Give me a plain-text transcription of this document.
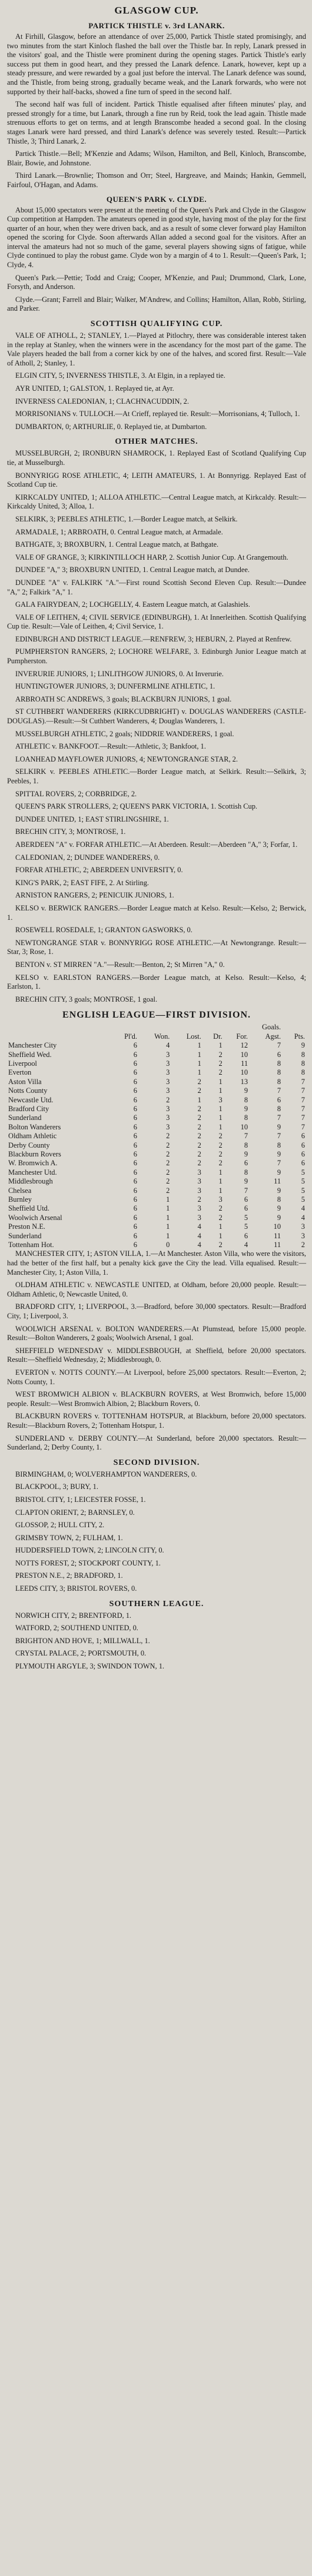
GLASGOW CUP.
PARTICK THISTLE v. 3rd LANARK.

At Firhill, Glasgow, before an attendance of over 25,000, Partick Thistle stated promisingly, and two minutes from the start Kinloch flashed the ball over the Thistle bar. In reply, Lanark pressed in the visitors' goal, and the Thistle were prominent during the opening stages. Partick Thistle's early success put them in good heart, and they pressed the Lanark defence. Lanark, however, kept up a steady pressure, and were rewarded by a goal just before the interval. The Lanark defence was sound, and the Thistle, from being strong, gradually became weak, and the Lanark forwards, who were not supported by their half-backs, showed a fine turn of speed in the second half.

The second half was full of incident. Partick Thistle equalised after fifteen minutes' play, and pressed strongly for a time, but Lanark, through a fine run by Reid, took the lead again. Thistle made strenuous efforts to get on terms, and at length Branscombe headed a second goal. In the closing stages Lanark were hard pressed, and third Lanark's defence was severely tested. Result:—Partick Thistle, 3; Third Lanark, 2.

Partick Thistle.—Bell; M'Kenzie and Adams; Wilson, Hamilton, and Bell, Kinloch, Branscombe, Blair, Bowie, and Johnstone.

Third Lanark.—Brownlie; Thomson and Orr; Steel, Hargreave, and Mainds; Hankin, Gemmell, Fairfoul, O'Hagan, and Adams.

QUEEN'S PARK v. CLYDE.

About 15,000 spectators were present at the meeting of the Queen's Park and Clyde in the Glasgow Cup competition at Hampden. The amateurs opened in good style, having most of the play for the first quarter of an hour, when they were driven back, and as a result of some clever forward play Hamilton opened the scoring for Clyde. Soon afterwards Allan added a second goal for the visitors. After an interval the amateurs had not so much of the game, several players showing signs of fatigue, while Clyde continued to play the robust game. Clyde won by a margin of 4 to 1. Result:—Queen's Park, 1; Clyde, 4.

Queen's Park.—Pettie; Todd and Craig; Cooper, M'Kenzie, and Paul; Drummond, Clark, Lone, Forsyth, and Anderson.

Clyde.—Grant; Farrell and Blair; Walker, M'Andrew, and Collins; Hamilton, Allan, Robb, Stirling, and Parker.

SCOTTISH QUALIFYING CUP.

VALE OF ATHOLL, 2; STANLEY, 1.—Played at Pitlochry, there was considerable interest taken in the replay at Stanley, when the winners were in the ascendancy for the most part of the game. The Vale players headed the ball from a corner kick by one of the halves, and scored first. Result:—Vale of Atholl, 2; Stanley, 1.

ELGIN CITY, 5; INVERNESS THISTLE, 3. At Elgin, in a replayed tie.

AYR UNITED, 1; GALSTON, 1. Replayed tie, at Ayr.

INVERNESS CALEDONIAN, 1; CLACHNACUDDIN, 2.

MORRISONIANS v. TULLOCH.—At Crieff, replayed tie. Result:—Morrisonians, 4; Tulloch, 1.

DUMBARTON, 0; ARTHURLIE, 0. Replayed tie, at Dumbarton.

OTHER MATCHES.

MUSSELBURGH, 2; IRONBURN SHAMROCK, 1. Replayed East of Scotland Qualifying Cup tie, at Musselburgh.

BONNYRIGG ROSE ATHLETIC, 4; LEITH AMATEURS, 1. At Bonnyrigg. Replayed East of Scotland Cup tie.

KIRKCALDY UNITED, 1; ALLOA ATHLETIC.—Central League match, at Kirkcaldy. Result:—Kirkcaldy United, 3; Alloa, 1.

SELKIRK, 3; PEEBLES ATHLETIC, 1.—Border League match, at Selkirk.

ARMADALE, 1; ARBROATH, 0. Central League match, at Armadale.

BATHGATE, 3; BROXBURN, 1. Central League match, at Bathgate.

VALE OF GRANGE, 3; KIRKINTILLOCH HARP, 2. Scottish Junior Cup. At Grangemouth.

DUNDEE "A," 3; BROXBURN UNITED, 1. Central League match, at Dundee.

DUNDEE "A" v. FALKIRK "A."—First round Scottish Second Eleven Cup. Result:—Dundee "A," 2; Falkirk "A," 1.

GALA FAIRYDEAN, 2; LOCHGELLY, 4. Eastern League match, at Galashiels.

VALE OF LEITHEN, 4; CIVIL SERVICE (EDINBURGH), 1. At Innerleithen. Scottish Qualifying Cup tie. Result:—Vale of Leithen, 4; Civil Service, 1.

EDINBURGH AND DISTRICT LEAGUE.—RENFREW, 3; HEBURN, 2. Played at Renfrew.

PUMPHERSTON RANGERS, 2; LOCHORE WELFARE, 3. Edinburgh Junior League match at Pumpherston.

INVERURIE JUNIORS, 1; LINLITHGOW JUNIORS, 0. At Inverurie.

HUNTINGTOWER JUNIORS, 3; DUNFERMLINE ATHLETIC, 1.

ARBROATH SC ANDREWS, 3 goals; BLACKBURN JUNIORS, 1 goal.

ST CUTHBERT WANDERERS (KIRKCUDBRIGHT) v. DOUGLAS WANDERERS (CASTLE-DOUGLAS).—Result:—St Cuthbert Wanderers, 4; Douglas Wanderers, 1.

MUSSELBURGH ATHLETIC, 2 goals; NIDDRIE WANDERERS, 1 goal.

ATHLETIC v. BANKFOOT.—Result:—Athletic, 3; Bankfoot, 1.

LOANHEAD MAYFLOWER JUNIORS, 4; NEWTONGRANGE STAR, 2.

SELKIRK v. PEEBLES ATHLETIC.—Border League match, at Selkirk. Result:—Selkirk, 3; Peebles, 1.

SPITTAL ROVERS, 2; CORBRIDGE, 2.

QUEEN'S PARK STROLLERS, 2; QUEEN'S PARK VICTORIA, 1. Scottish Cup.

DUNDEE UNITED, 1; EAST STIRLINGSHIRE, 1.

BRECHIN CITY, 3; MONTROSE, 1.

ABERDEEN "A" v. FORFAR ATHLETIC.—At Aberdeen. Result:—Aberdeen "A," 3; Forfar, 1.

CALEDONIAN, 2; DUNDEE WANDERERS, 0.

FORFAR ATHLETIC, 2; ABERDEEN UNIVERSITY, 0.

KING'S PARK, 2; EAST FIFE, 2. At Stirling.

ARNISTON RANGERS, 2; PENICUIK JUNIORS, 1.

KELSO v. BERWICK RANGERS.—Border League match at Kelso. Result:—Kelso, 2; Berwick, 1.

ROSEWELL ROSEDALE, 1; GRANTON GASWORKS, 0.

NEWTONGRANGE STAR v. BONNYRIGG ROSE ATHLETIC.—At Newtongrange. Result:—Star, 3; Rose, 1.

BENTON v. ST MIRREN "A."—Result:—Benton, 2; St Mirren "A," 0.

KELSO v. EARLSTON RANGERS.—Border League match, at Kelso. Result:—Kelso, 4; Earlston, 1.

BRECHIN CITY, 3 goals; MONTROSE, 1 goal.

ENGLISH LEAGUE—FIRST DIVISION.
					Goals.		
	Pl'd.	Won.	Lost.	Dr.	For.	Agst.	Pts.
Manchester City	6	4	1	1	12	7	9
Sheffield Wed.	6	3	1	2	10	6	8
Liverpool	6	3	1	2	11	8	8
Everton	6	3	1	2	10	8	8
Aston Villa	6	3	2	1	13	8	7
Notts County	6	3	2	1	9	7	7
Newcastle Utd.	6	2	1	3	8	6	7
Bradford City	6	3	2	1	9	8	7
Sunderland	6	3	2	1	8	7	7
Bolton Wanderers	6	3	2	1	10	9	7
Oldham Athletic	6	2	2	2	7	7	6
Derby County	6	2	2	2	8	8	6
Blackburn Rovers	6	2	2	2	9	9	6
W. Bromwich A.	6	2	2	2	6	7	6
Manchester Utd.	6	2	3	1	8	9	5
Middlesbrough	6	2	3	1	9	11	5
Chelsea	6	2	3	1	7	9	5
Burnley	6	1	2	3	6	8	5
Sheffield Utd.	6	1	3	2	6	9	4
Woolwich Arsenal	6	1	3	2	5	9	4
Preston N.E.	6	1	4	1	5	10	3
Sunderland	6	1	4	1	6	11	3
Tottenham Hot.	6	0	4	2	4	11	2

MANCHESTER CITY, 1; ASTON VILLA, 1.—At Manchester. Aston Villa, who were the visitors, had the better of the first half, but a penalty kick gave the City the lead. Villa equalised. Result:—Manchester City, 1; Aston Villa, 1.

OLDHAM ATHLETIC v. NEWCASTLE UNITED, at Oldham, before 20,000 people. Result:—Oldham Athletic, 0; Newcastle United, 0.

BRADFORD CITY, 1; LIVERPOOL, 3.—Bradford, before 30,000 spectators. Result:—Bradford City, 1; Liverpool, 3.

WOOLWICH ARSENAL v. BOLTON WANDERERS.—At Plumstead, before 15,000 people. Result:—Bolton Wanderers, 2 goals; Woolwich Arsenal, 1 goal.

SHEFFIELD WEDNESDAY v. MIDDLESBROUGH, at Sheffield, before 20,000 spectators. Result:—Sheffield Wednesday, 2; Middlesbrough, 0.

EVERTON v. NOTTS COUNTY.—At Liverpool, before 25,000 spectators. Result:—Everton, 2; Notts County, 1.

WEST BROMWICH ALBION v. BLACKBURN ROVERS, at West Bromwich, before 15,000 people. Result:—West Bromwich Albion, 2; Blackburn Rovers, 0.

BLACKBURN ROVERS v. TOTTENHAM HOTSPUR, at Blackburn, before 20,000 spectators. Result:—Blackburn Rovers, 2; Tottenham Hotspur, 1.

SUNDERLAND v. DERBY COUNTY.—At Sunderland, before 20,000 spectators. Result:—Sunderland, 2; Derby County, 1.

SECOND DIVISION.

BIRMINGHAM, 0; WOLVERHAMPTON WANDERERS, 0.

BLACKPOOL, 3; BURY, 1.

BRISTOL CITY, 1; LEICESTER FOSSE, 1.

CLAPTON ORIENT, 2; BARNSLEY, 0.

GLOSSOP, 2; HULL CITY, 2.

GRIMSBY TOWN, 2; FULHAM, 1.

HUDDERSFIELD TOWN, 2; LINCOLN CITY, 0.

NOTTS FOREST, 2; STOCKPORT COUNTY, 1.

PRESTON N.E., 2; BRADFORD, 1.

LEEDS CITY, 3; BRISTOL ROVERS, 0.

SOUTHERN LEAGUE.

NORWICH CITY, 2; BRENTFORD, 1.

WATFORD, 2; SOUTHEND UNITED, 0.

BRIGHTON AND HOVE, 1; MILLWALL, 1.

CRYSTAL PALACE, 2; PORTSMOUTH, 0.

PLYMOUTH ARGYLE, 3; SWINDON TOWN, 1.
